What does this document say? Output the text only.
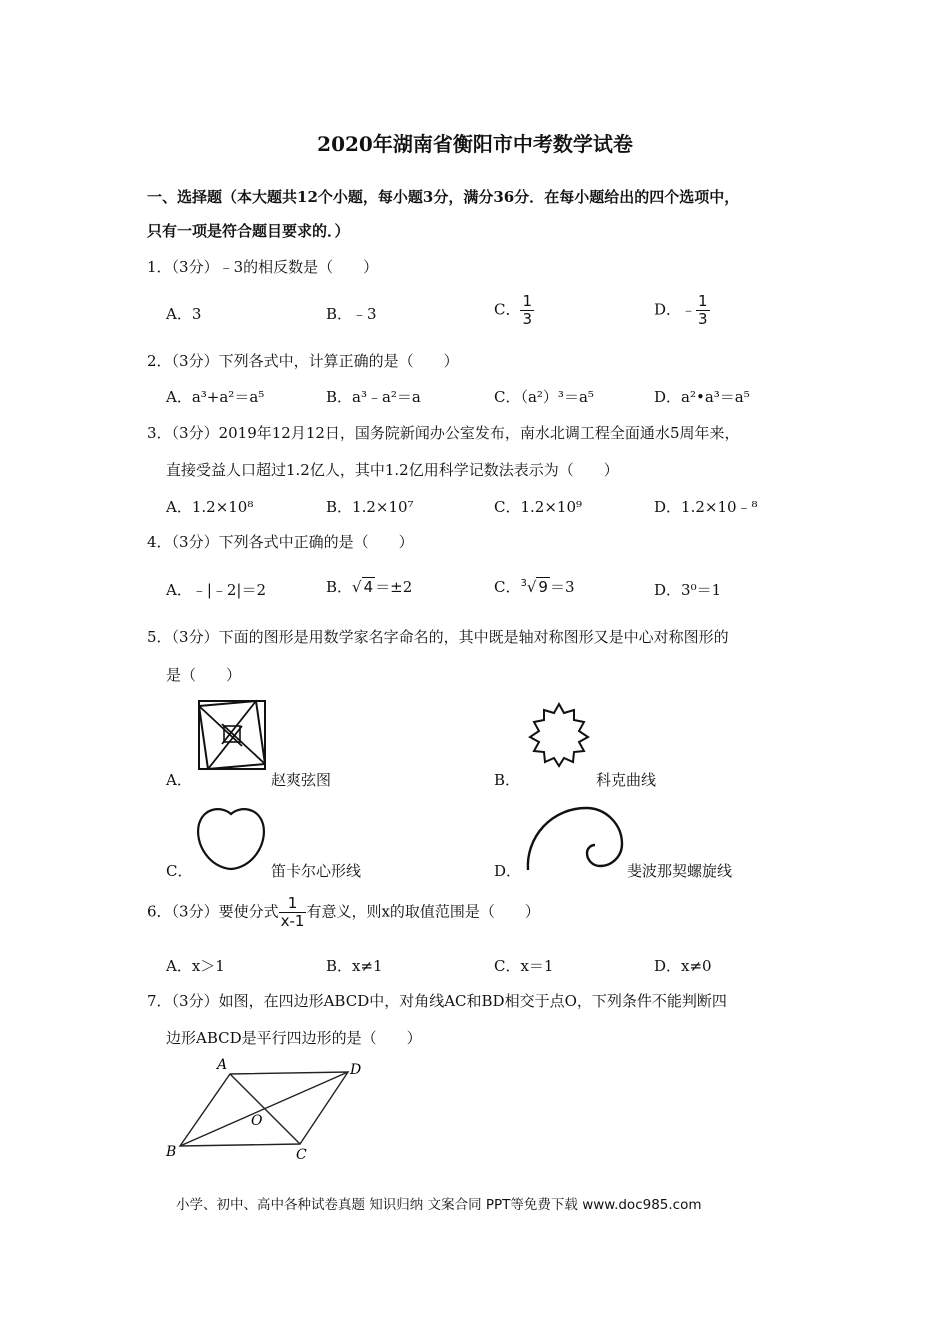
2020年湖南省衡阳市中考数学试卷
一、选择题（本大题共12个小题，每小题3分，满分36分．在每小题给出的四个选项中，
只有一项是符合题目要求的．）
1．（3分）﹣3的相反数是（　　）
A．3	B．﹣3	C． $\frac{1}{3}$	D．﹣ $\frac{1}{3}$
2．（3分）下列各式中，计算正确的是（　　）
A．a³+a²＝a⁵	B．a³﹣a²＝a	C．（a²）³＝a⁵	D．a²•a³＝a⁵
3．（3分）2019年12月12日，国务院新闻办公室发布，南水北调工程全面通水5周年来，
直接受益人口超过1.2亿人，其中1.2亿用科学记数法表示为（　　）
A．1.2×10⁸	B．1.2×10⁷	C．1.2×10⁹	D．1.2×10﹣⁸
4．（3分）下列各式中正确的是（　　）
A．﹣|﹣2|＝2	B．√ 4 ＝±2	C．$^3$√ 9 ＝3	D．3⁰＝1
5．（3分）下面的图形是用数学家名字命名的，其中既是轴对称图形又是中心对称图形的
是（　　）
A．	赵爽弦图	B．	科克曲线
C．	笛卡尔心形线	D．	斐波那契螺旋线
6．（3分）要使分式 $\frac{1}{x-1}$ 有意义，则x的取值范围是（　　）
A．x＞1	B．x≠1	C．x＝1	D．x≠0
7．（3分）如图，在四边形ABCD中，对角线AC和BD相交于点O，下列条件不能判断四
边形ABCD是平行四边形的是（　　）
A	D
B	C
O
小学、初中、高中各种试卷真题 知识归纳 文案合同 PPT等免费下载 www.doc985.com
